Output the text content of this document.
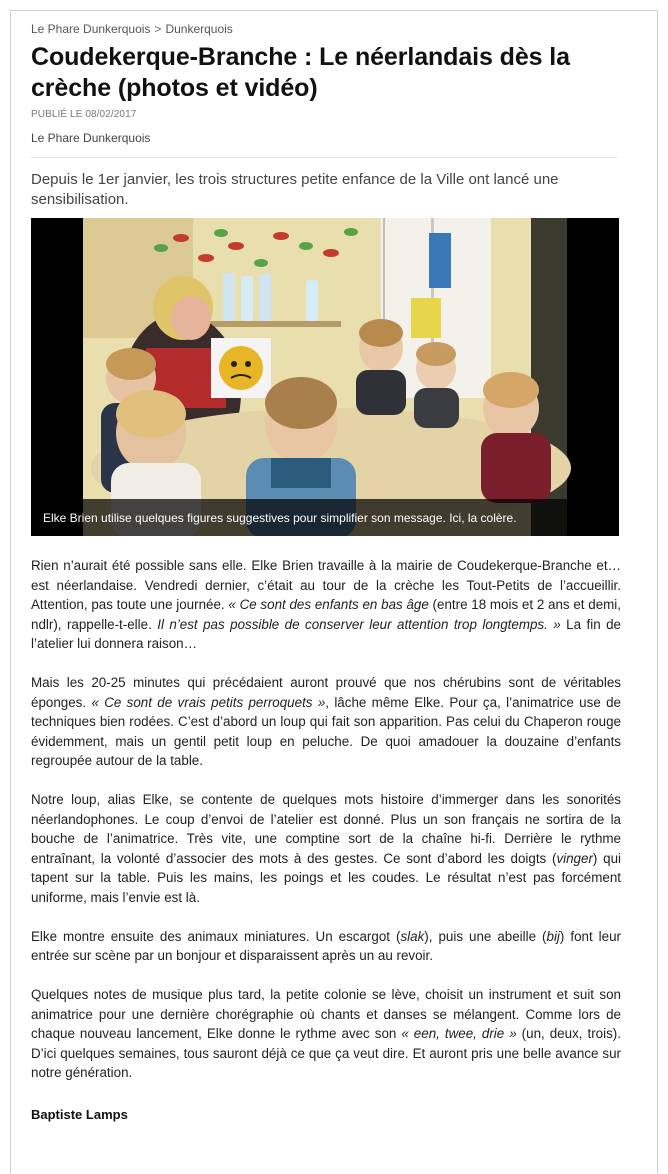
Le Phare Dunkerquois > Dunkerquois
Coudekerque-Branche : Le néerlandais dès la crèche (photos et vidéo)
PUBLIÉ LE 08/02/2017
Le Phare Dunkerquois

Depuis le 1er janvier, les trois structures petite enfance de la Ville ont lancé une sensibilisation.

Elke Brien utilise quelques figures suggestives pour simplifier son message. Ici, la colère.

Rien n’aurait été possible sans elle. Elke Brien travaille à la mairie de Coudekerque-Branche et… est néerlandaise. Vendredi dernier, c’était au tour de la crèche les Tout-Petits de l’accueillir. Attention, pas toute une journée. « Ce sont des enfants en bas âge (entre 18 mois et 2 ans et demi, ndlr), rappelle-t-elle. Il n’est pas possible de conserver leur attention trop longtemps. » La fin de l’atelier lui donnera raison…

Mais les 20-25 minutes qui précédaient auront prouvé que nos chérubins sont de véritables éponges. « Ce sont de vrais petits perroquets », lâche même Elke. Pour ça, l’animatrice use de techniques bien rodées. C’est d’abord un loup qui fait son apparition. Pas celui du Chaperon rouge évidemment, mais un gentil petit loup en peluche. De quoi amadouer la douzaine d’enfants regroupée autour de la table.

Notre loup, alias Elke, se contente de quelques mots histoire d’immerger dans les sonorités néerlandophones. Le coup d’envoi de l’atelier est donné. Plus un son français ne sortira de la bouche de l’animatrice. Très vite, une comptine sort de la chaîne hi-fi. Derrière le rythme entraînant, la volonté d’associer des mots à des gestes. Ce sont d’abord les doigts (vinger) qui tapent sur la table. Puis les mains, les poings et les coudes. Le résultat n’est pas forcément uniforme, mais l’envie est là.

Elke montre ensuite des animaux miniatures. Un escargot (slak), puis une abeille (bij) font leur entrée sur scène par un bonjour et disparaissent après un au revoir.

Quelques notes de musique plus tard, la petite colonie se lève, choisit un instrument et suit son animatrice pour une dernière chorégraphie où chants et danses se mélangent. Comme lors de chaque nouveau lancement, Elke donne le rythme avec son « een, twee, drie » (un, deux, trois). D’ici quelques semaines, tous sauront déjà ce que ça veut dire. Et auront pris une belle avance sur notre génération.

Baptiste Lamps
